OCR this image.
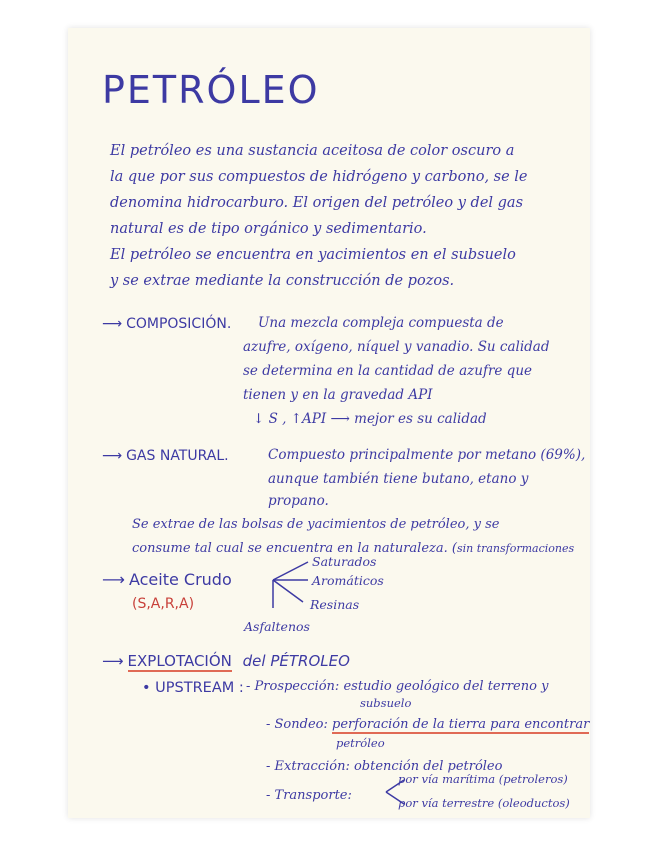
PETRÓLEO
El petróleo es una sustancia aceitosa de color oscuro a
la que por sus compuestos de hidrógeno y carbono, se le
denomina hidrocarburo. El origen del petróleo y del gas
natural es de tipo orgánico y sedimentario.
El petróleo se encuentra en yacimientos en el subsuelo
y se extrae mediante la construcción de pozos.
⟶ COMPOSICIÓN. Una mezcla compleja compuesta de
azufre, oxígeno, níquel y vanadio. Su calidad
se determina en la cantidad de azufre que
tienen y en la gravedad API
↓ S , ↑API ⟶ mejor es su calidad
⟶ GAS NATURAL.	Compuesto principalmente por metano (69%),
aunque también tiene butano, etano y
propano.
Se extrae de las bolsas de yacimientos de petróleo, y se
consume tal cual se encuentra en la naturaleza. (sin transformaciones
⟶ Aceite Crudo
(S,A,R,A)
Saturados
Aromáticos
Resinas
Asfaltenos
⟶ EXPLOTACIÓN del PÉTROLEO
• UPSTREAM : - Prospección: estudio geológico del terreno y
subsuelo
- Sondeo: perforación de la tierra para encontrar
petróleo
- Extracción: obtención del petróleo
- Transporte:
por vía marítima (petroleros)
por vía terrestre (oleoductos)
